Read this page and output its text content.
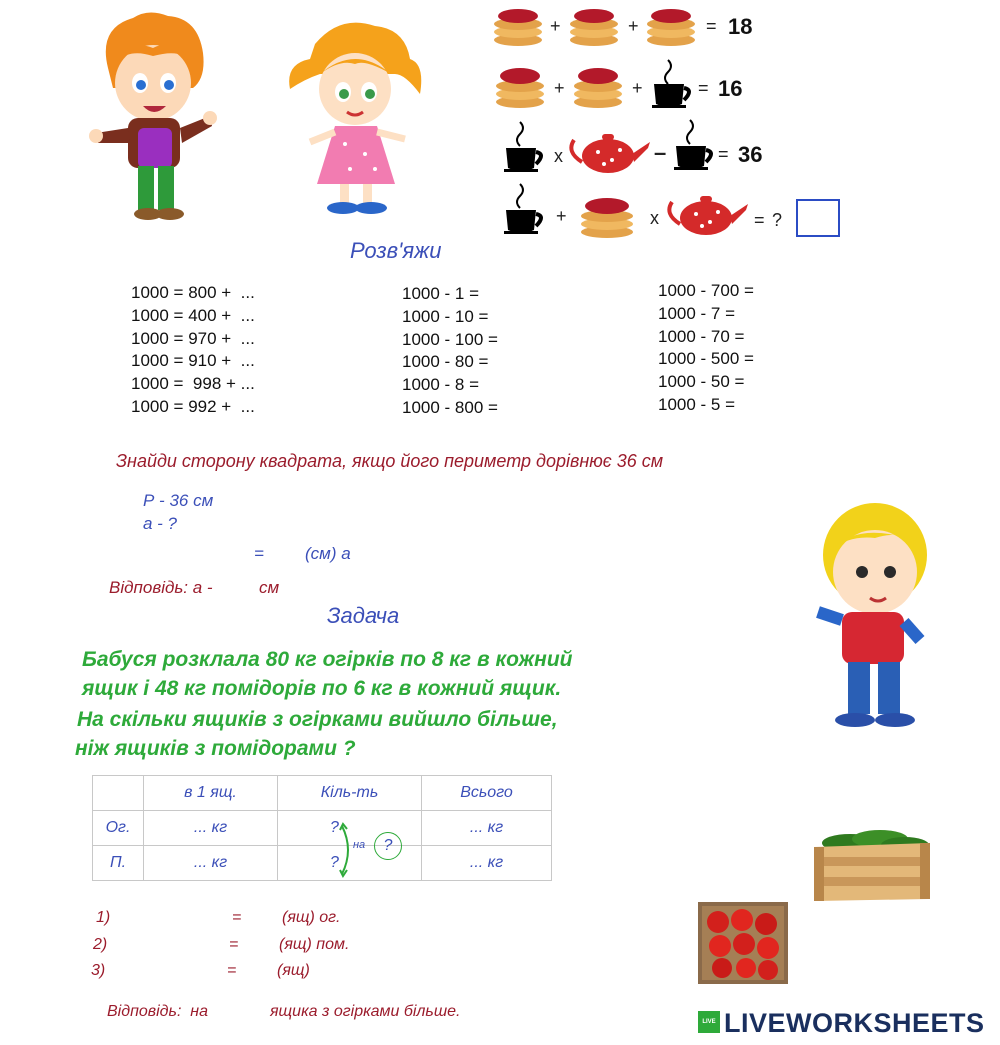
+	+	= 18
+	+	= 16
x	–	= 36
+	x	= ?
Розв'яжи
1000 = 800 +  ...
1000 = 400 +  ...
1000 = 970 +  ...
1000 = 910 +  ...
1000 =  998 + ...
1000 = 992 +  ...
1000 - 1 =
1000 - 10 =
1000 - 100 =
1000 - 80 =
1000 - 8 =
1000 - 800 =
1000 - 700 =
1000 - 7 =
1000 - 70 =
1000 - 500 =
1000 - 50 =
1000 - 5 =
Знайди сторону квадрата, якщо його периметр дорівнює 36 см
Р - 36 см
а - ?
= (см) а
Відповідь: а -	см
Задача
Бабуся розклала 80 кг огірків по 8 кг в кожний
ящик і 48 кг помідорів по 6 кг в кожний ящик.
На скільки ящиків з огірками вийшло більше,
ніж ящиків з помідорами ?
	в 1 ящ.	Кіль-ть	Всього
Ог.	... кг	?	... кг
П.	... кг	?	... кг
на	?
1)	=	(ящ) ог.
2)	=	(ящ) пом.
3)	=	(ящ)
Відповідь:  на	ящика з огірками більше.
LIVE LIVEWORKSHEETS
